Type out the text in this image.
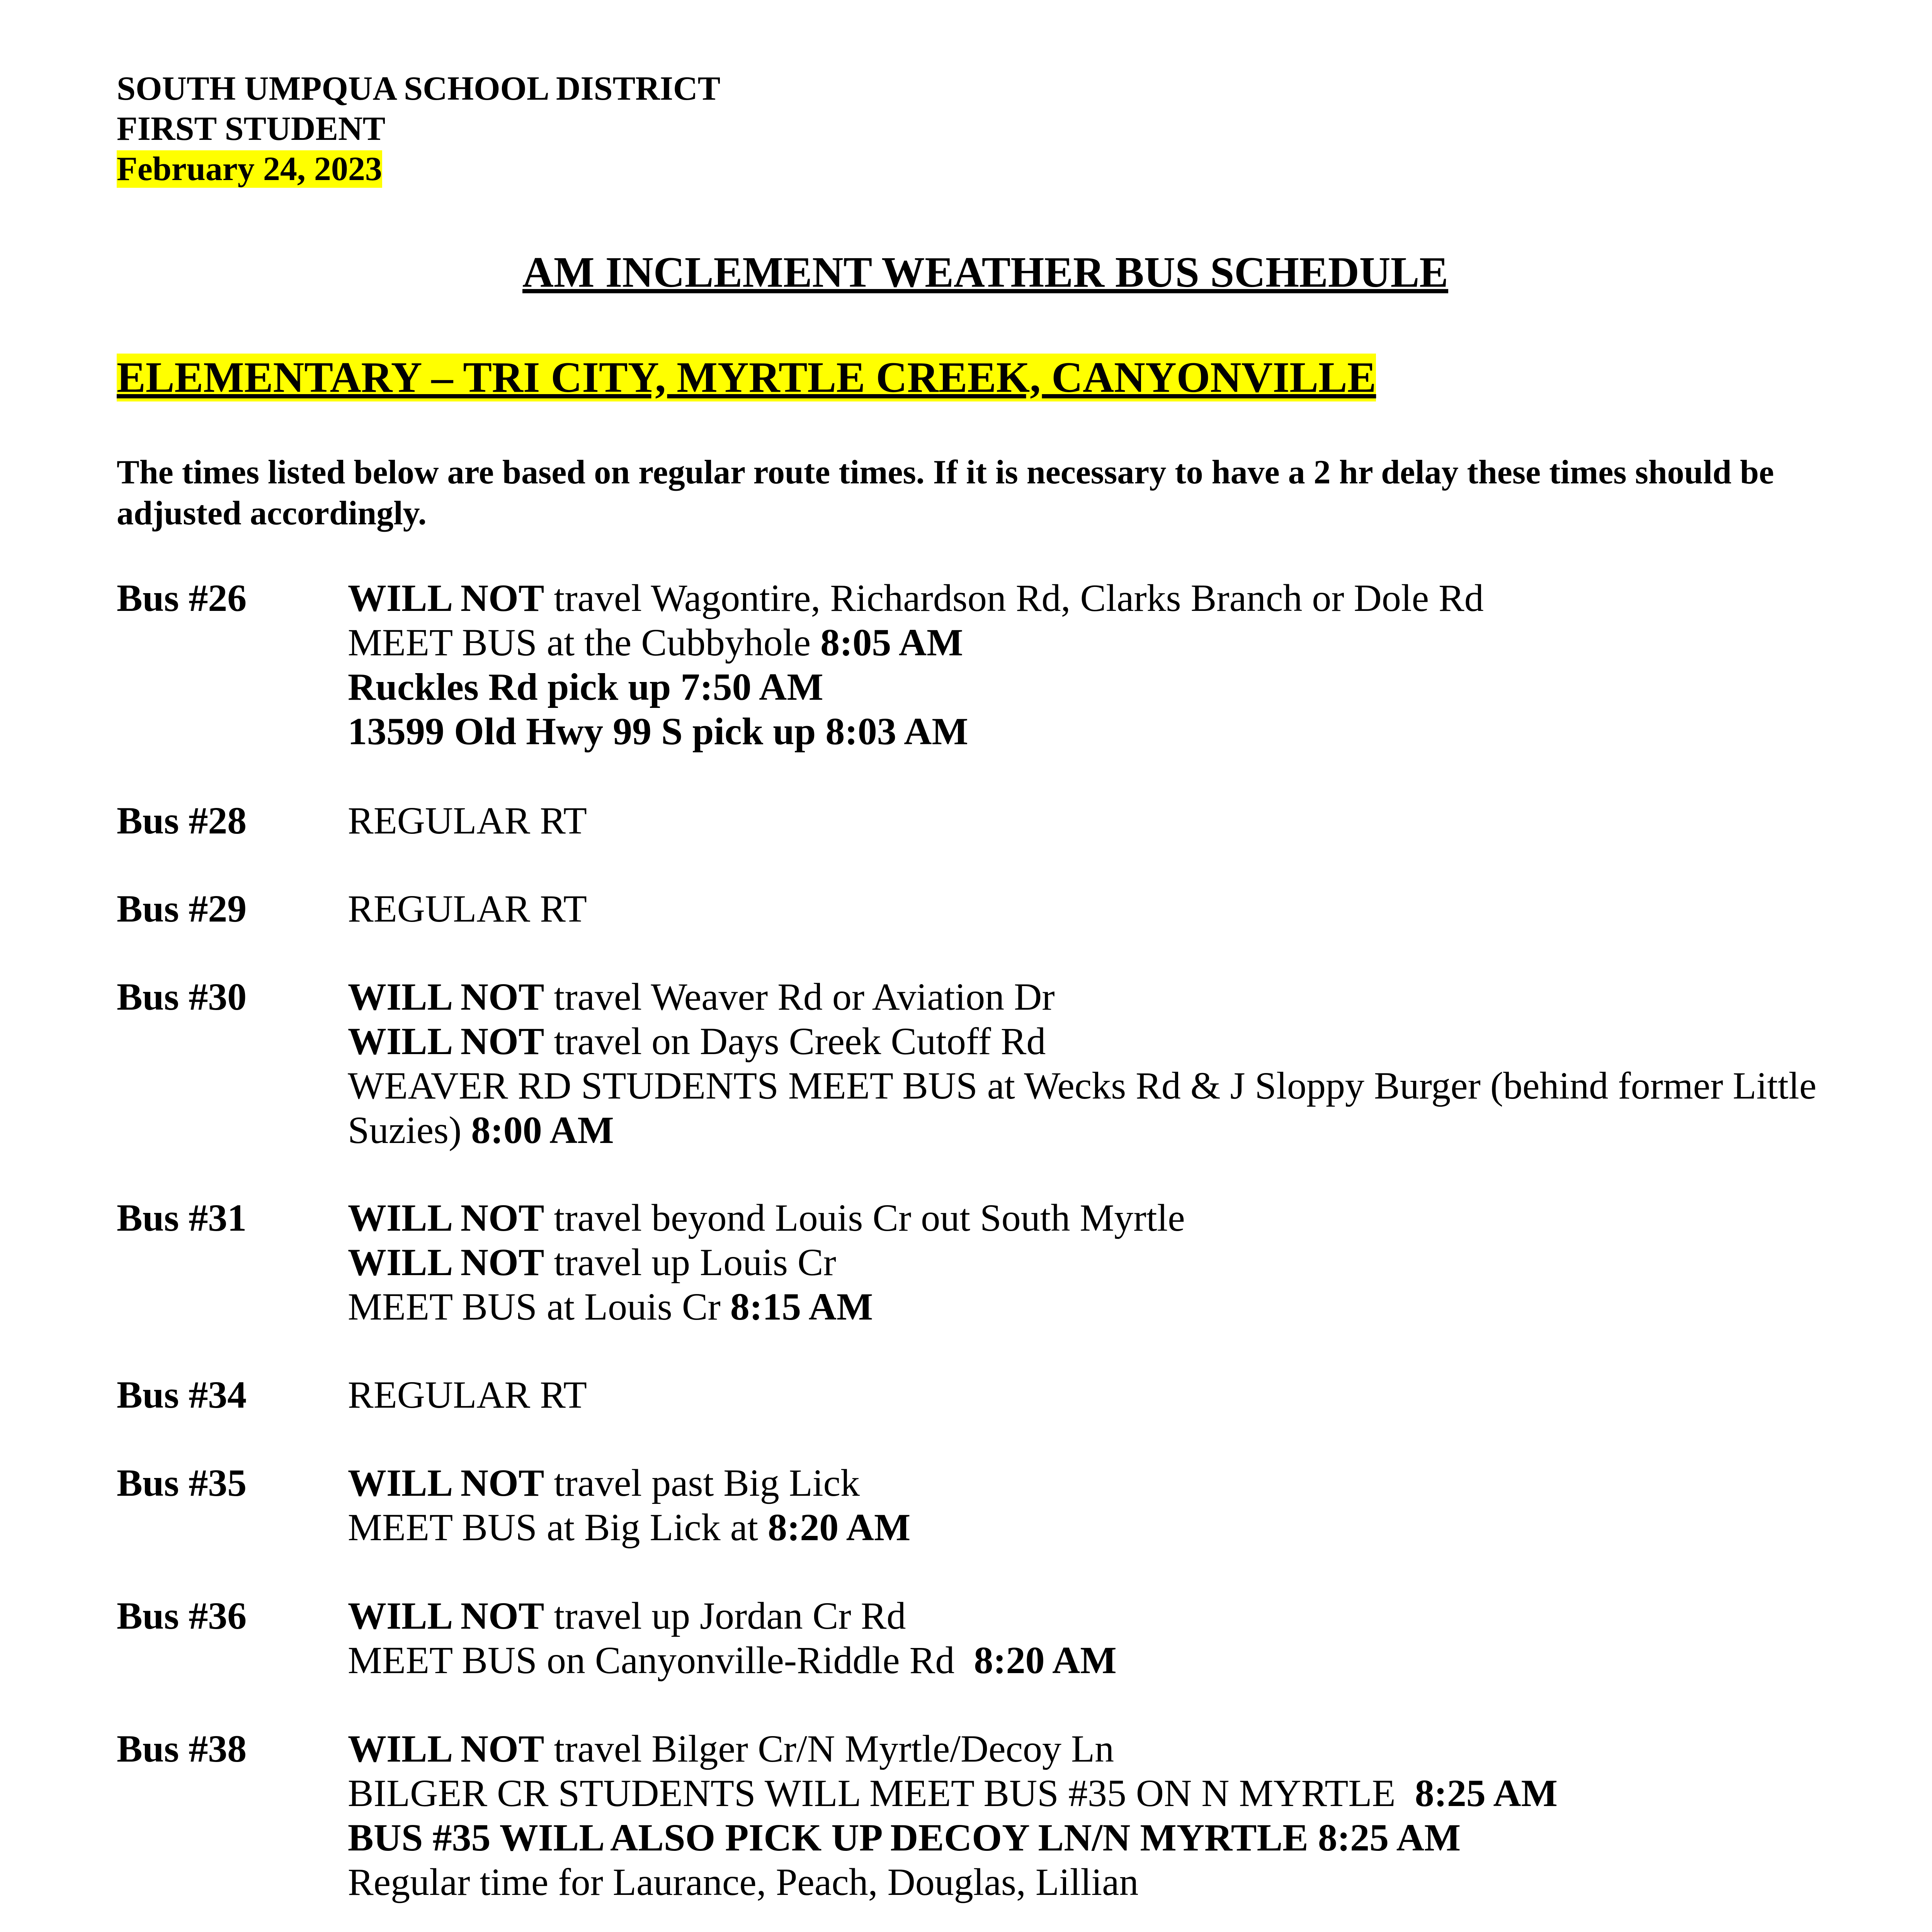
SOUTH UMPQUA SCHOOL DISTRICT
FIRST STUDENT
February 24, 2023
AM INCLEMENT WEATHER BUS SCHEDULE
ELEMENTARY – TRI CITY, MYRTLE CREEK, CANYONVILLE
The times listed below are based on regular route times. If it is necessary to have a 2 hr delay these times should be adjusted accordingly.
Bus #26	WILL NOT travel Wagontire, Richardson Rd, Clarks Branch or Dole Rd
MEET BUS at the Cubbyhole 8:05 AM
Ruckles Rd pick up 7:50 AM
13599 Old Hwy 99 S pick up 8:03 AM
Bus #28	REGULAR RT
Bus #29	REGULAR RT
Bus #30	WILL NOT travel Weaver Rd or Aviation Dr
WILL NOT travel on Days Creek Cutoff Rd
WEAVER RD STUDENTS MEET BUS at Wecks Rd & J Sloppy Burger (behind former Little Suzies) 8:00 AM
Bus #31	WILL NOT travel beyond Louis Cr out South Myrtle
WILL NOT travel up Louis Cr
MEET BUS at Louis Cr 8:15 AM
Bus #34	REGULAR RT
Bus #35	WILL NOT travel past Big Lick
MEET BUS at Big Lick at 8:20 AM
Bus #36	WILL NOT travel up Jordan Cr Rd
MEET BUS on Canyonville-Riddle Rd  8:20 AM
Bus #38	WILL NOT travel Bilger Cr/N Myrtle/Decoy Ln
BILGER CR STUDENTS WILL MEET BUS #35 ON N MYRTLE  8:25 AM
BUS #35 WILL ALSO PICK UP DECOY LN/N MYRTLE 8:25 AM
Regular time for Laurance, Peach, Douglas, Lillian
